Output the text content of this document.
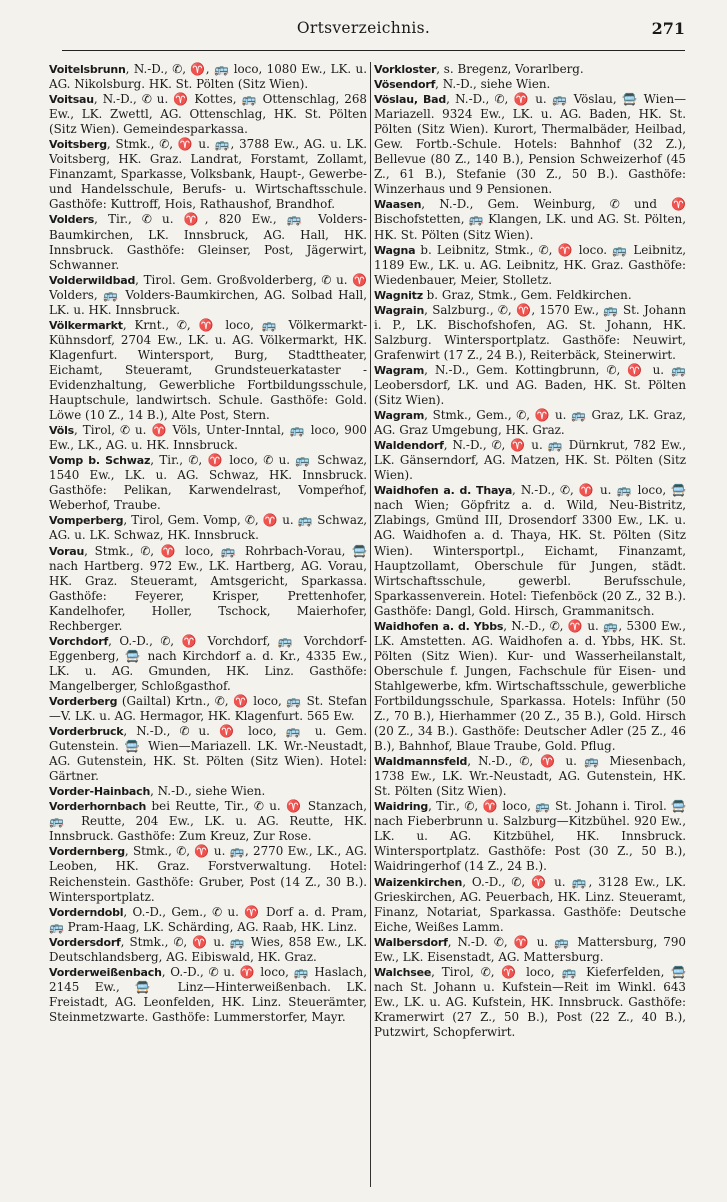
Ortsverzeichnis.	271
Voitelsbrunn, N.-D., ✆, ♈, 🚌 loco, 1080 Ew., LK. u. AG. Nikolsburg. HK. St. Pölten (Sitz Wien).
Voitsau, N.-D., ✆ u. ♈ Kottes, 🚌 Ottenschlag, 268 Ew., LK. Zwettl, AG. Ottenschlag, HK. St. Pölten (Sitz Wien). Gemeindesparkassa.
Voitsberg, Stmk., ✆, ♈ u. 🚌, 3788 Ew., AG. u. LK. Voitsberg, HK. Graz. Landrat, Forstamt, Zollamt, Finanzamt, Sparkasse, Volksbank, Haupt-, Gewerbe- und Handelsschule, Berufs- u. Wirtschaftsschule. Gasthöfe: Kuttroff, Hois, Rathaushof, Brandhof.
Volders, Tir., ✆ u. ♈, 820 Ew., 🚌 Volders-Baumkirchen, LK. Innsbruck, AG. Hall, HK. Innsbruck. Gasthöfe: Gleinser, Post, Jägerwirt, Schwanner.
Volderwildbad, Tirol. Gem. Großvolderberg, ✆ u. ♈ Volders, 🚌 Volders-Baumkirchen, AG. Solbad Hall, LK. u. HK. Innsbruck.
Völkermarkt, Krnt., ✆, ♈ loco, 🚌 Völkermarkt-Kühnsdorf, 2704 Ew., LK. u. AG. Völkermarkt, HK. Klagenfurt. Wintersport, Burg, Stadttheater, Eichamt, Steueramt, Grundsteuerkataster - Evidenzhaltung, Gewerbliche Fortbildungsschule, Hauptschule, landwirtsch. Schule. Gasthöfe: Gold. Löwe (10 Z., 14 B.), Alte Post, Stern.
Völs, Tirol, ✆ u. ♈ Völs, Unter-Inntal, 🚌 loco, 900 Ew., LK., AG. u. HK. Innsbruck.
Vomp b. Schwaz, Tir., ✆, ♈ loco, ✆ u. 🚌 Schwaz, 1540 Ew., LK. u. AG. Schwaz, HK. Innsbruck. Gasthöfe: Pelikan, Karwendelrast, Vompeŕhof, Weberhof, Traube.
Vomperberg, Tirol, Gem. Vomp, ✆, ♈ u. 🚌 Schwaz, AG. u. LK. Schwaz, HK. Innsbruck.
Vorau, Stmk., ✆, ♈ loco, 🚌 Rohrbach-Vorau, 🚍 nach Hartberg. 972 Ew., LK. Hartberg, AG. Vorau, HK. Graz. Steueramt, Amtsgericht, Sparkassa. Gasthöfe: Feyerer, Krisper, Prettenhofer, Kandelhofer, Holler, Tschock, Maierhofer, Rechberger.
Vorchdorf, O.-D., ✆, ♈ Vorchdorf, 🚌 Vorchdorf-Eggenberg, 🚍 nach Kirchdorf a. d. Kr., 4335 Ew., LK. u. AG. Gmunden, HK. Linz. Gasthöfe: Mangelberger, Schloßgasthof.
Vorderberg (Gailtal) Krtn., ✆, ♈ loco, 🚌 St. Stefan—V. LK. u. AG. Hermagor, HK. Klagenfurt. 565 Ew.
Vorderbruck, N.-D., ✆ u. ♈ loco, 🚌 u. Gem. Gutenstein. 🚍 Wien—Mariazell. LK. Wr.-Neustadt, AG. Gutenstein, HK. St. Pölten (Sitz Wien). Hotel: Gärtner.
Vorder-Hainbach, N.-D., siehe Wien.
Vorderhornbach bei Reutte, Tir., ✆ u. ♈ Stanzach, 🚌 Reutte, 204 Ew., LK. u. AG. Reutte, HK. Innsbruck. Gasthöfe: Zum Kreuz, Zur Rose.
Vordernberg, Stmk., ✆, ♈ u. 🚌, 2770 Ew., LK., AG. Leoben, HK. Graz. Forstverwaltung. Hotel: Reichenstein. Gasthöfe: Gruber, Post (14 Z., 30 B.). Wintersportplatz.
Vorderndobl, O.-D., Gem., ✆ u. ♈ Dorf a. d. Pram, 🚌 Pram-Haag, LK. Schärding, AG. Raab, HK. Linz.
Vordersdorf, Stmk., ✆, ♈ u. 🚌 Wies, 858 Ew., LK. Deutschlandsberg, AG. Eibiswald, HK. Graz.
Vorderweißenbach, O.-D., ✆ u. ♈ loco, 🚌 Haslach, 2145 Ew., 🚍 Linz—Hinterweißenbach. LK. Freistadt, AG. Leonfelden, HK. Linz. Steuerämter, Steinmetzwarte. Gasthöfe: Lummerstorfer, Mayr.
Vorkloster, s. Bregenz, Vorarlberg.
Vösendorf, N.-D., siehe Wien.
Vöslau, Bad, N.-D., ✆, ♈ u. 🚌 Vöslau, 🚍 Wien—Mariazell. 9324 Ew., LK. u. AG. Baden, HK. St. Pölten (Sitz Wien). Kurort, Thermalbäder, Heilbad, Gew. Fortb.-Schule. Hotels: Bahnhof (32 Z.), Bellevue (80 Z., 140 B.), Pension Schweizerhof (45 Z., 61 B.), Stefanie (30 Z., 50 B.). Gasthöfe: Winzerhaus und 9 Pensionen.
Waasen, N.-D., Gem. Weinburg, ✆ und ♈ Bischofstetten, 🚌 Klangen, LK. und AG. St. Pölten, HK. St. Pölten (Sitz Wien).
Wagna b. Leibnitz, Stmk., ✆, ♈ loco. 🚌 Leibnitz, 1189 Ew., LK. u. AG. Leibnitz, HK. Graz. Gasthöfe: Wiedenbauer, Meier, Stolletz.
Wagnitz b. Graz, Stmk., Gem. Feldkirchen.
Wagrain, Salzburg., ✆, ♈, 1570 Ew., 🚌 St. Johann i. P., LK. Bischofshofen, AG. St. Johann, HK. Salzburg. Wintersportplatz. Gasthöfe: Neuwirt, Grafenwirt (17 Z., 24 B.), Reiterbäck, Steinerwirt.
Wagram, N.-D., Gem. Kottingbrunn, ✆, ♈ u. 🚌 Leobersdorf, LK. und AG. Baden, HK. St. Pölten (Sitz Wien).
Wagram, Stmk., Gem., ✆, ♈ u. 🚌 Graz, LK. Graz, AG. Graz Umgebung, HK. Graz.
Waldendorf, N.-D., ✆, ♈ u. 🚌 Dürnkrut, 782 Ew., LK. Gänserndorf, AG. Matzen, HK. St. Pölten (Sitz Wien).
Waidhofen a. d. Thaya, N.-D., ✆, ♈ u. 🚌 loco, 🚍 nach Wien; Göpfritz a. d. Wild, Neu-Bistritz, Zlabings, Gmünd III, Drosendorf 3300 Ew., LK. u. AG. Waidhofen a. d. Thaya, HK. St. Pölten (Sitz Wien). Wintersportpl., Eichamt, Finanzamt, Hauptzollamt, Oberschule für Jungen, städt. Wirtschaftsschule, gewerbl. Berufsschule, Sparkassenverein. Hotel: Tiefenböck (20 Z., 32 B.). Gasthöfe: Dangl, Gold. Hirsch, Grammanitsch.
Waidhofen a. d. Ybbs, N.-D., ✆, ♈ u. 🚌, 5300 Ew., LK. Amstetten. AG. Waidhofen a. d. Ybbs, HK. St. Pölten (Sitz Wien). Kur- und Wasserheilanstalt, Oberschule f. Jungen, Fachschule für Eisen- und Stahlgewerbe, kfm. Wirtschaftsschule, gewerbliche Fortbildungsschule, Sparkassa. Hotels: Inführ (50 Z., 70 B.), Hierhammer (20 Z., 35 B.), Gold. Hirsch (20 Z., 34 B.). Gasthöfe: Deutscher Adler (25 Z., 46 B.), Bahnhof, Blaue Traube, Gold. Pflug.
Waldmannsfeld, N.-D., ✆, ♈ u. 🚌 Miesenbach, 1738 Ew., LK. Wr.-Neustadt, AG. Gutenstein, HK. St. Pölten (Sitz Wien).
Waidring, Tir., ✆, ♈ loco, 🚌 St. Johann i. Tirol. 🚍 nach Fieberbrunn u. Salzburg—Kitzbühel. 920 Ew., LK. u. AG. Kitzbühel, HK. Innsbruck. Wintersportplatz. Gasthöfe: Post (30 Z., 50 B.), Waidringerhof (14 Z., 24 B.).
Waizenkirchen, O.-D., ✆, ♈ u. 🚌, 3128 Ew., LK. Grieskirchen, AG. Peuerbach, HK. Linz. Steueramt, Finanz, Notariat, Sparkassa. Gasthöfe: Deutsche Eiche, Weißes Lamm.
Walbersdorf, N.-D. ✆, ♈ u. 🚌 Mattersburg, 790 Ew., LK. Eisenstadt, AG. Mattersburg.
Walchsee, Tirol, ✆, ♈ loco, 🚌 Kieferfelden, 🚍 nach St. Johann u. Kufstein—Reit im Winkl. 643 Ew., LK. u. AG. Kufstein, HK. Innsbruck. Gasthöfe: Kramerwirt (27 Z., 50 B.), Post (22 Z., 40 B.), Putzwirt, Schopferwirt.
